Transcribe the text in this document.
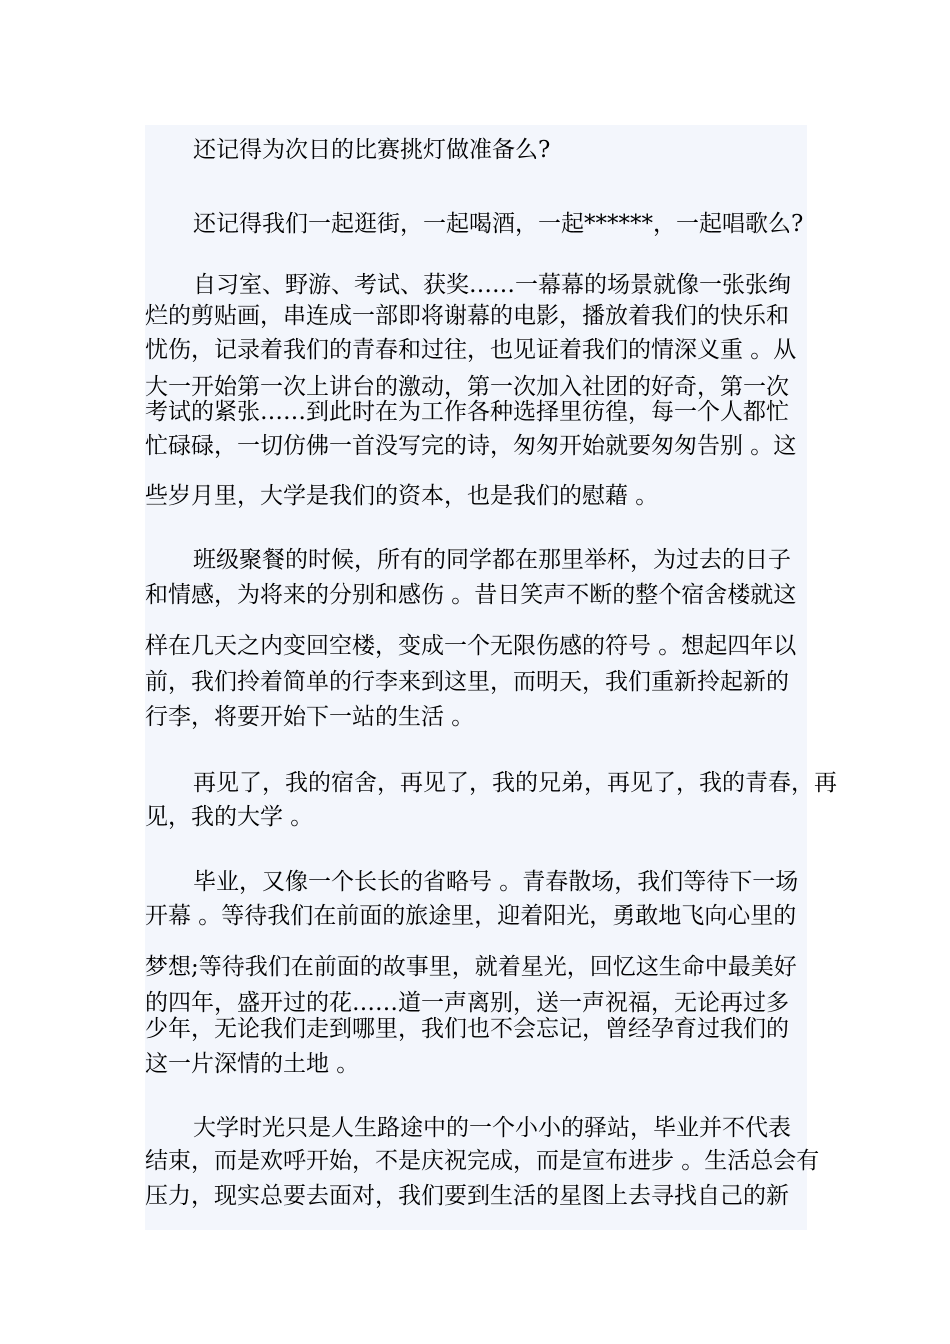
还记得为次日的比赛挑灯做准备么?
还记得我们一起逛街，一起喝酒，一起******，一起唱歌么?
自习室、野游、考试、获奖……一幕幕的场景就像一张张绚
烂的剪贴画，串连成一部即将谢幕的电影，播放着我们的快乐和
忧伤，记录着我们的青春和过往，也见证着我们的情深义重 。从
大一开始第一次上讲台的激动，第一次加入社团的好奇，第一次
考试的紧张……到此时在为工作各种选择里彷徨，每一个人都忙
忙碌碌，一切仿佛一首没写完的诗，匆匆开始就要匆匆告别 。这
些岁月里，大学是我们的资本，也是我们的慰藉 。
班级聚餐的时候，所有的同学都在那里举杯，为过去的日子
和情感，为将来的分别和感伤 。昔日笑声不断的整个宿舍楼就这
样在几天之内变回空楼，变成一个无限伤感的符号 。想起四年以
前，我们拎着简单的行李来到这里，而明天，我们重新拎起新的
行李，将要开始下一站的生活 。
再见了，我的宿舍，再见了，我的兄弟，再见了，我的青春，再
见，我的大学 。
毕业，又像一个长长的省略号 。青春散场，我们等待下一场
开幕 。等待我们在前面的旅途里，迎着阳光，勇敢地飞向心里的
梦想;等待我们在前面的故事里，就着星光，回忆这生命中最美好
的四年，盛开过的花……道一声离别，送一声祝福，无论再过多
少年，无论我们走到哪里，我们也不会忘记，曾经孕育过我们的
这一片深情的土地 。
大学时光只是人生路途中的一个小小的驿站，毕业并不代表
结束，而是欢呼开始，不是庆祝完成，而是宣布进步 。生活总会有
压力，现实总要去面对，我们要到生活的星图上去寻找自己的新
